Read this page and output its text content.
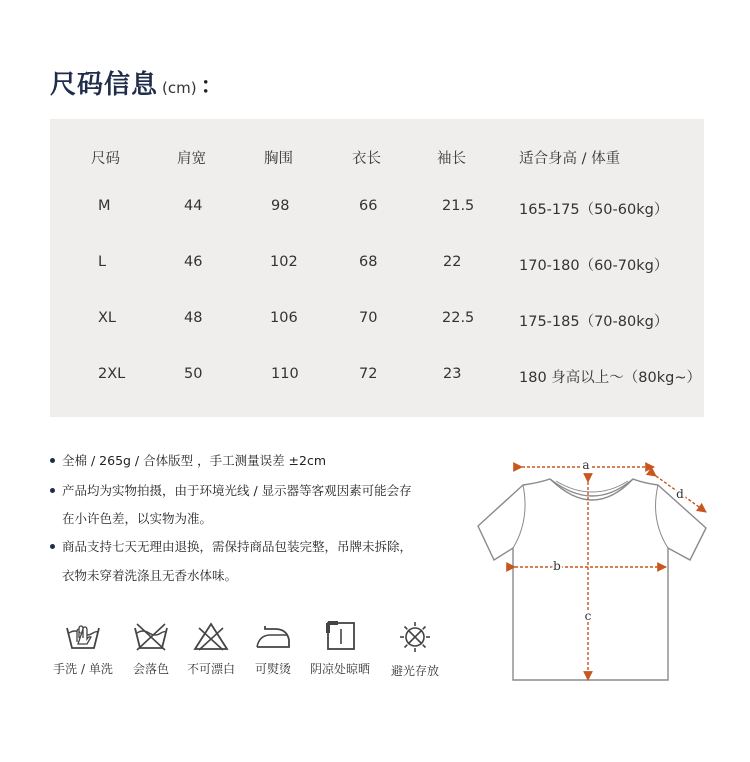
尺码信息 (cm) ：
尺码	肩宽	胸围	衣长	袖长	适合身高 / 体重
M	44	98	66	21.5	165-175（50-60kg）
L	46	102	68	22	170-180（60-70kg）
XL	48	106	70	22.5	175-185（70-80kg）
2XL	50	110	72	23	180 身高以上～（80kg~）
全棉 / 265g / 合体版型 ，手工测量误差 ±2cm
产品均为实物拍摄，由于环境光线 / 显示器等客观因素可能会存
在小许色差，以实物为准。
商品支持七天无理由退换，需保持商品包装完整，吊牌未拆除，
衣物未穿着洗涤且无香水体味。
手洗 / 单洗	会落色	不可漂白	可熨烫	阴凉处晾晒	避光存放
a
d
b
c
